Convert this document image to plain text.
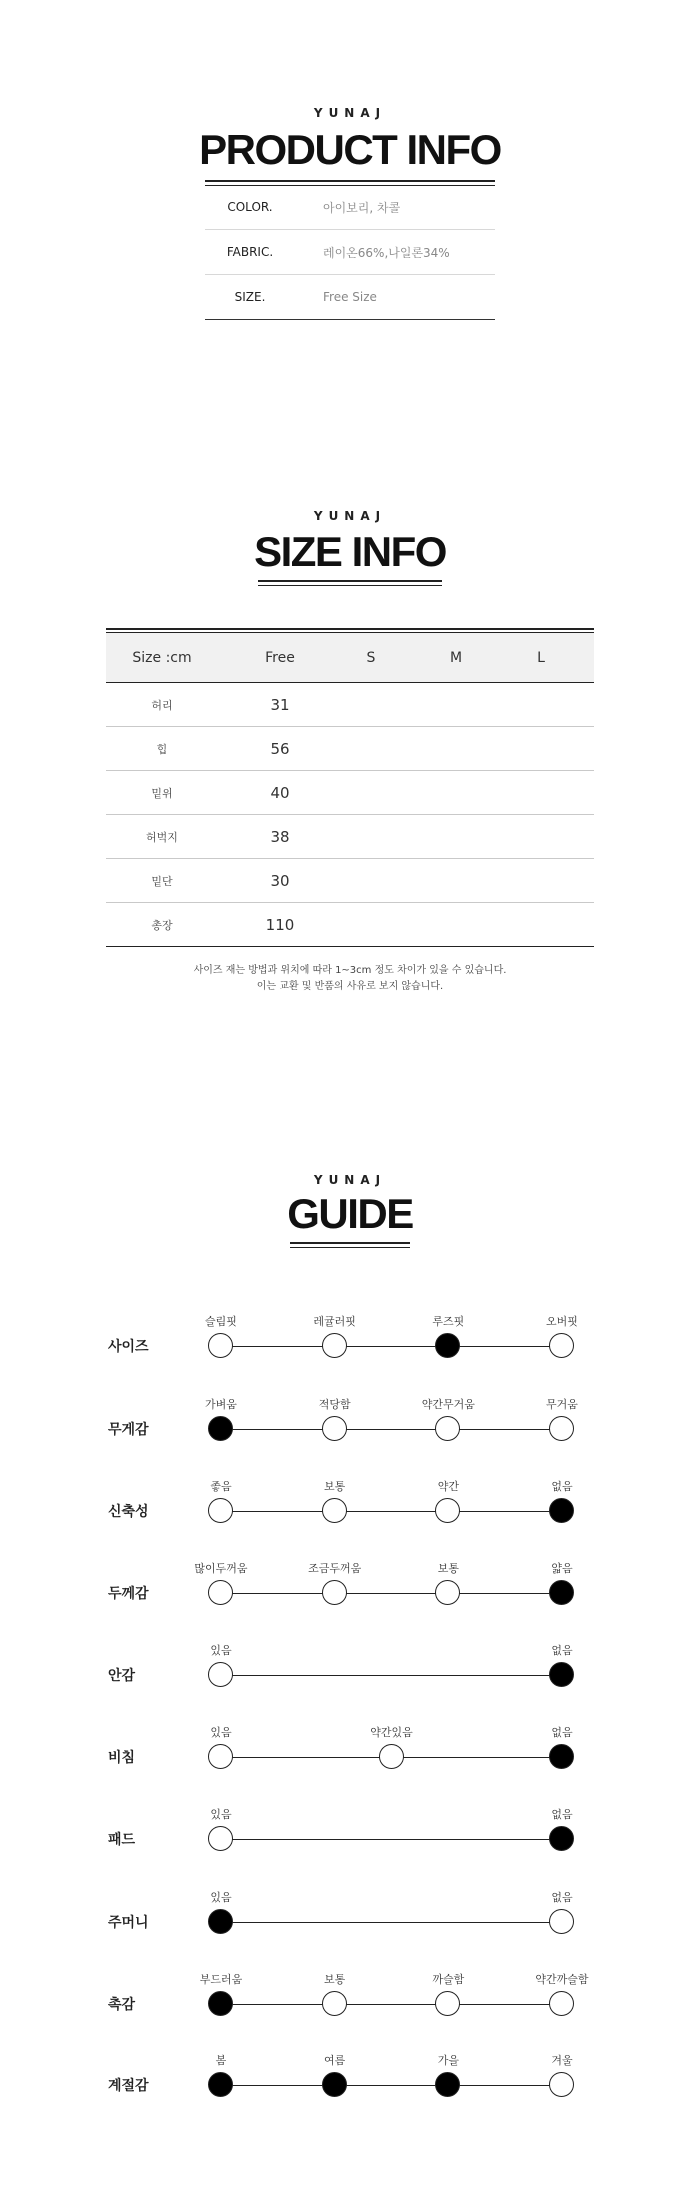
YUNAJ
PRODUCT INFO
COLOR.	아이보리, 차콜
FABRIC.	레이온66%,나일론34%
SIZE.	Free Size
YUNAJ
SIZE INFO
Size :cm	Free	S	M	L
허리	31
힙	56
밑위	40
허벅지	38
밑단	30
총장	110
사이즈 재는 방법과 위치에 따라 1~3cm 정도 차이가 있을 수 있습니다.
이는 교환 및 반품의 사유로 보지 않습니다.
YUNAJ
GUIDE
사이즈
슬림핏	레귤러핏	루즈핏	오버핏
무게감
가벼움	적당함	약간무거움	무거움
신축성
좋음	보통	약간	없음
두께감
많이두꺼움	조금두꺼움	보통	얇음
안감
있음	없음
비침
있음	약간있음	없음
패드
있음	없음
주머니
있음	없음
촉감
부드러움	보통	까슬함	약간까슬함
계절감
봄	여름	가을	겨울
